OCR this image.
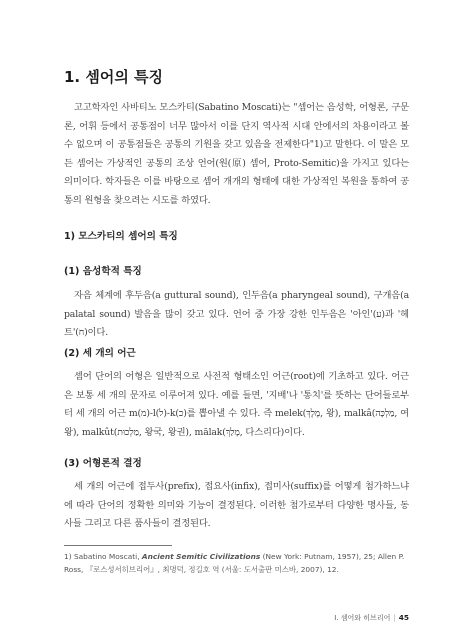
1. 셈어의 특징

고고학자인 사바티노 모스카티(Sabatino Moscati)는 "셈어는 음성학, 어형론, 구문론, 어휘 등에서 공통점이 너무 많아서 이를 단지 역사적 시대 안에서의 차용이라고 볼 수 없으며 이 공통점들은 공통의 기원을 갖고 있음을 전제한다"1)고 말한다. 이 말은 모든 셈어는 가상적인 공통의 조상 언어(원(原) 셈어, Proto-Semitic)을 가지고 있다는 의미이다. 학자들은 이를 바탕으로 셈어 개개의 형태에 대한 가상적인 복원을 통하여 공통의 원형을 찾으려는 시도를 하였다.

1) 모스카티의 셈어의 특징
(1) 음성학적 특징

자음 체계에 후두음(a guttural sound), 인두음(a pharyngeal sound), 구개음(a palatal sound) 발음을 많이 갖고 있다. 언어 중 가장 강한 인두음은 '아인'(ע)과 '헤트'(ח)이다.

(2) 세 개의 어근

셈어 단어의 어형은 일반적으로 사전적 형태소인 어근(root)에 기초하고 있다. 어근은 보통 세 개의 문자로 이루어져 있다. 예를 들면, '지배'나 '통치'를 뜻하는 단어들로부터 세 개의 어근 m(מ)-l(ל)-k(כ)를 뽑아낼 수 있다. 즉 melek(מֶלֶךְ, 왕), malkâ(מַלְכָּה, 여왕), malkût(מַלְכוּת, 왕국, 왕권), mālak(מָלַךְ, 다스리다)이다.

(3) 어형론적 결정

세 개의 어근에 접두사(prefix), 접요사(infix), 접미사(suffix)를 어떻게 첨가하느냐에 따라 단어의 정확한 의미와 기능이 결정된다. 이러한 첨가로부터 다양한 명사들, 동사들 그리고 다른 품사들이 결정된다.

1) Sabatino Moscati, Ancient Semitic Civilizations (New York: Putnam, 1957), 25; Allen P. Ross, 『로스성서히브리어』, 최명덕, 정길호 역 (서울: 도서출판 미스바, 2007), 12.

I. 셈어와 히브리어 | 45
